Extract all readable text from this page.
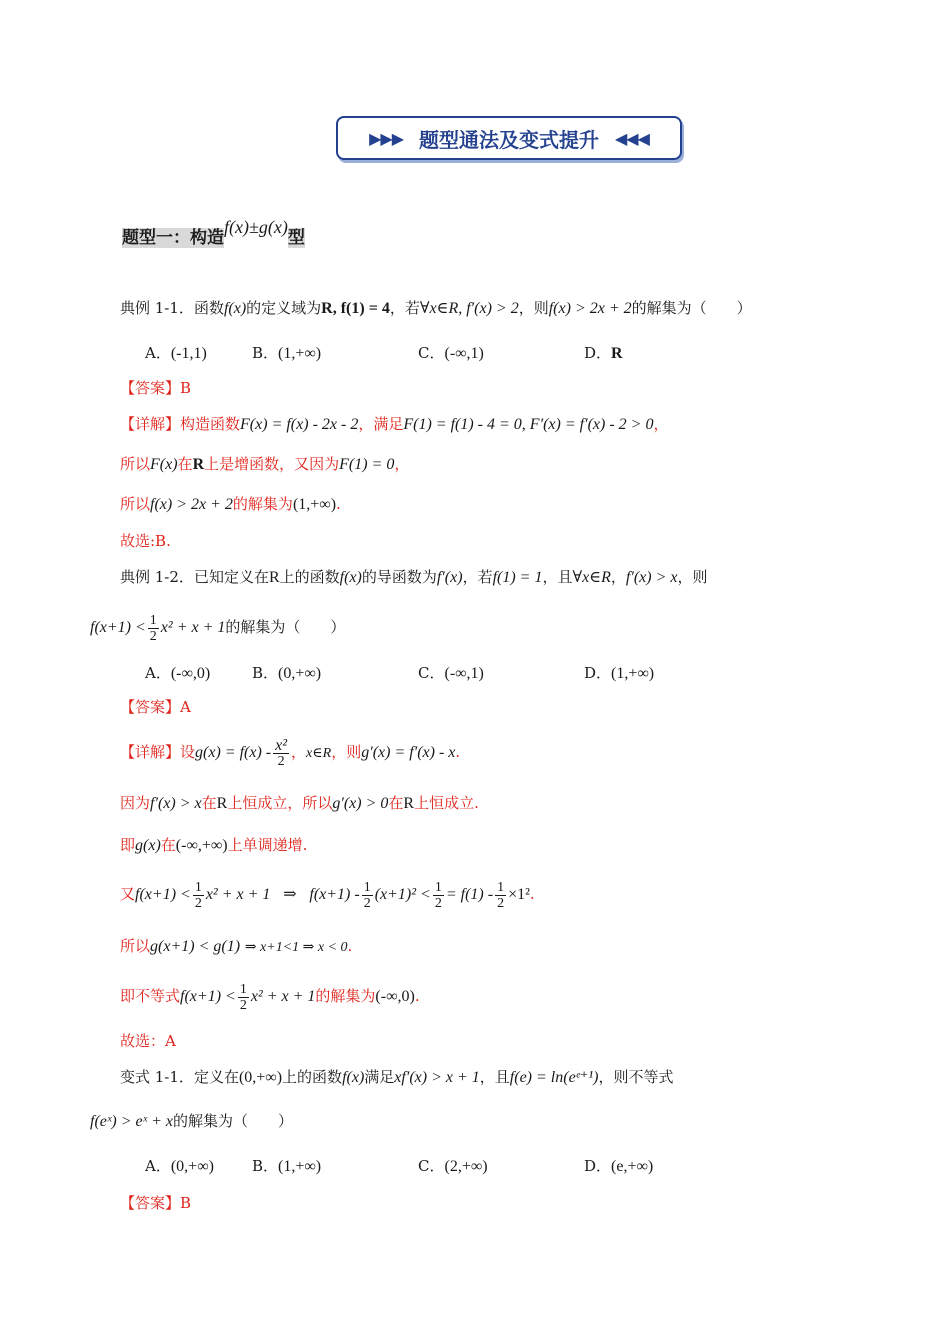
▶▶▶ 题型通法及变式提升 ◀◀◀
题型一：构造f(x)±g(x)型
典例 1-1．函数f(x)的定义域为R, f(1) = 4，若∀x∈R, f′(x) > 2，则f(x) > 2x + 2的解集为（　　）
A．(-1,1)	B．(1,+∞)	C．(-∞,1)	D．R
【答案】B
【详解】构造函数F(x) = f(x) - 2x - 2，满足F(1) = f(1) - 4 = 0, F′(x) = f′(x) - 2 > 0，
所以F(x)在R上是增函数，又因为F(1) = 0，
所以f(x) > 2x + 2的解集为(1,+∞).
故选:B.
典例 1-2．已知定义在R上的函数f(x)的导函数为f′(x)，若f(1) = 1，且∀x∈R，f′(x) > x，则
$f(x+1) < \frac{1}{2} x^2 + x + 1$的解集为（　　）
A．(-∞,0)	B．(0,+∞)	C．(-∞,1)	D．(1,+∞)
【答案】A
【详解】设$g(x) = f(x) - \frac{\text{x²}}{2}$ ，x∈R，则g′(x) = f′(x) - x.
因为f′(x) > x在R上恒成立，所以g′(x) > 0在R上恒成立.
即g(x)在(-∞,+∞)上单调递增.
又$f(x+1) < \frac{1}{2} x^2 + x + 1$ ⇒ $f(x+1) - \frac{1}{2} (x+1)^2 < \frac{1}{2} = f(1) - \frac{1}{2} \times 1^2$.
所以g(x+1) < g(1) ⇒ x+1<1 ⇒ x < 0.
即不等式$f(x+1) < \frac{1}{2} x^2 + x + 1$的解集为(-∞,0).
故选：A
变式 1-1．定义在(0,+∞)上的函数f(x)满足xf′(x) > x + 1，且f(e) = ln(eᵉ⁺¹)，则不等式
f(eˣ) > eˣ + x的解集为（　　）
A．(0,+∞)	B．(1,+∞)	C．(2,+∞)	D．(e,+∞)
【答案】B
